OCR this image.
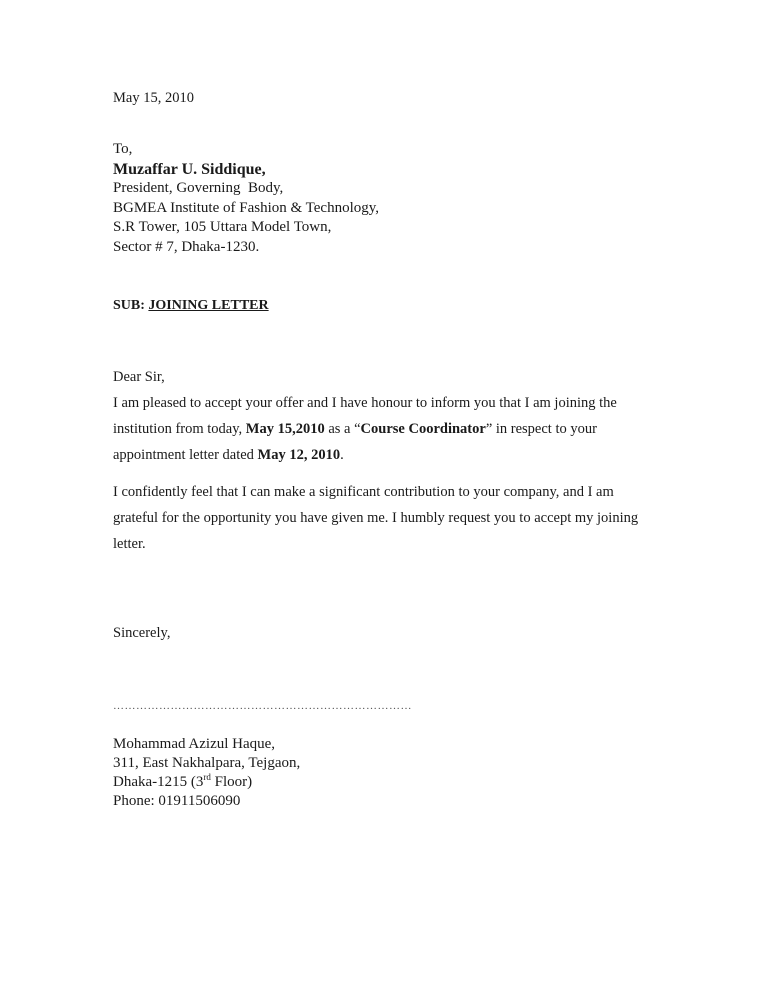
May 15, 2010
To,
Muzaffar U. Siddique,
President, Governing  Body,
BGMEA Institute of Fashion & Technology,
S.R Tower, 105 Uttara Model Town,
Sector # 7, Dhaka-1230.
SUB: JOINING LETTER
Dear Sir,
I am pleased to accept your offer and I have honour to inform you that I am joining the institution from today, May 15,2010 as a “Course Coordinator” in respect to your appointment letter dated May 12, 2010.
I confidently feel that I can make a significant contribution to your company, and I am grateful for the opportunity you have given me. I humbly request you to accept my joining letter.
Sincerely,
……………………………………………………………………
Mohammad Azizul Haque,
311, East Nakhalpara, Tejgaon,
Dhaka-1215 (3rd Floor)
Phone: 01911506090
